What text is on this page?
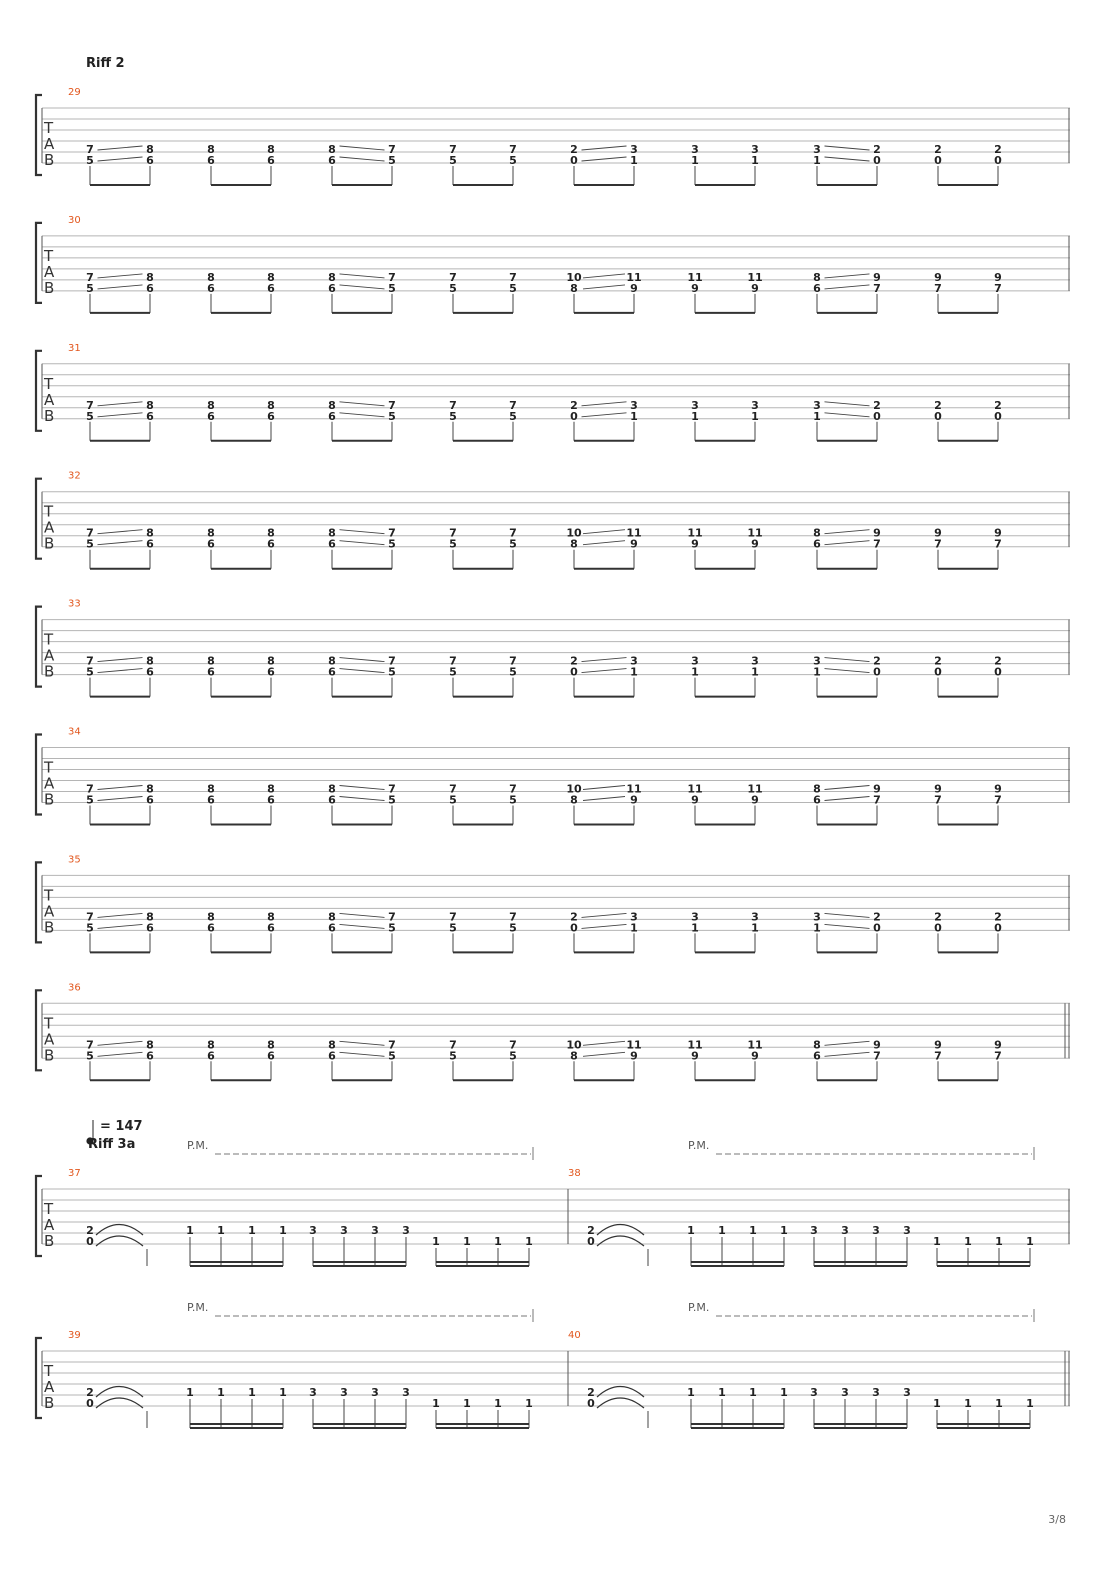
Riff 2
T
A
B
29
7
5
8
6
8
6
8
6
8
6
7
5
7
5
7
5
2
0
3
1
3
1
3
1
3
1
2
0
2
0
2
0
T
A
B
30
7
5
8
6
8
6
8
6
8
6
7
5
7
5
7
5
10
8
11
9
11
9
11
9
8
6
9
7
9
7
9
7
T
A
B
31
7
5
8
6
8
6
8
6
8
6
7
5
7
5
7
5
2
0
3
1
3
1
3
1
3
1
2
0
2
0
2
0
T
A
B
32
7
5
8
6
8
6
8
6
8
6
7
5
7
5
7
5
10
8
11
9
11
9
11
9
8
6
9
7
9
7
9
7
T
A
B
33
7
5
8
6
8
6
8
6
8
6
7
5
7
5
7
5
2
0
3
1
3
1
3
1
3
1
2
0
2
0
2
0
T
A
B
34
7
5
8
6
8
6
8
6
8
6
7
5
7
5
7
5
10
8
11
9
11
9
11
9
8
6
9
7
9
7
9
7
T
A
B
35
7
5
8
6
8
6
8
6
8
6
7
5
7
5
7
5
2
0
3
1
3
1
3
1
3
1
2
0
2
0
2
0
T
A
B
36
7
5
8
6
8
6
8
6
8
6
7
5
7
5
7
5
10
8
11
9
11
9
11
9
8
6
9
7
9
7
9
7
= 147
Riff 3a
T
A
B
37
P.M.
2
0
1 1 1 1 3 3 3 3
1 1 1 1
38
P.M.
2
0
1 1 1 1 3 3 3 3
1 1 1 1
T
A
B
39
P.M.
2
0
1 1 1 1 3 3 3 3
1 1 1 1
40
P.M.
2
0
1 1 1 1 3 3 3 3
1 1 1 1
3/8
